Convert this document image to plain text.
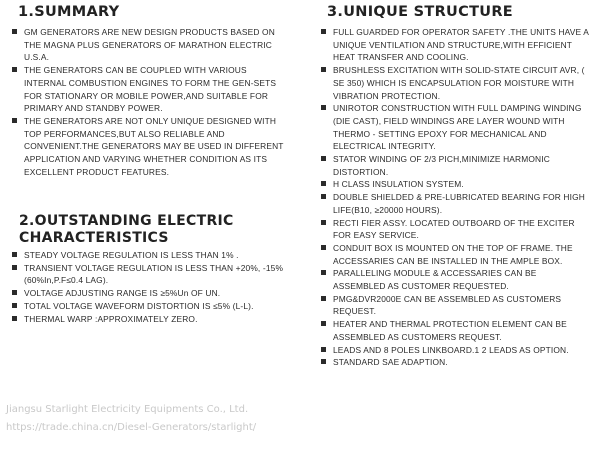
1.SUMMARY
GM GENERATORS ARE NEW DESIGN PRODUCTS BASED ON THE MAGNA PLUS GENERATORS OF MARATHON ELECTRIC U.S.A.
THE GENERATORS CAN BE COUPLED WITH VARIOUS INTERNAL COMBUSTION ENGINES TO FORM THE GEN-SETS FOR STATIONARY OR MOBILE POWER,AND SUITABLE FOR PRIMARY AND STANDBY POWER.
THE GENERATORS ARE NOT ONLY UNIQUE DESIGNED WITH TOP PERFORMANCES,BUT ALSO RELIABLE AND CONVENIENT.THE GENERATORS MAY BE USED IN DIFFERENT APPLICATION AND VARYING WHETHER CONDITION AS ITS EXCELLENT PRODUCT FEATURES.
2.OUTSTANDING ELECTRIC CHARACTERISTICS
STEADY VOLTAGE REGULATION IS LESS THAN 1% .
TRANSIENT VOLTAGE REGULATION IS LESS THAN +20%, -15%(60%In,P.F≤0.4 LAG).
VOLTAGE ADJUSTING RANGE IS ≥5%Un OF UN.
TOTAL VOLTAGE WAVEFORM DISTORTION IS ≤5% (L-L).
THERMAL WARP :APPROXIMATELY ZERO.
3.UNIQUE STRUCTURE
FULL GUARDED FOR OPERATOR SAFETY .THE UNITS HAVE A UNIQUE VENTILATION AND STRUCTURE,WITH EFFICIENT HEAT TRANSFER AND COOLING.
BRUSHLESS EXCITATION WITH SOLID-STATE CIRCUIT AVR, ( SE 350) WHICH IS ENCAPSULATION FOR MOISTURE WITH VIBRATION PROTECTION.
UNIROTOR CONSTRUCTION WITH FULL DAMPING WINDING (DIE CAST), FIELD WINDINGS ARE LAYER WOUND WITH THERMO - SETTING EPOXY FOR MECHANICAL AND ELECTRICAL INTEGRITY.
STATOR WINDING OF 2/3 PICH,MINIMIZE HARMONIC DISTORTION.
H CLASS INSULATION SYSTEM.
DOUBLE SHIELDED & PRE-LUBRICATED BEARING FOR HIGH LIFE(B10, ≥20000 HOURS).
RECTI FIER ASSY. LOCATED OUTBOARD OF THE EXCITER FOR EASY SERVICE.
CONDUIT BOX IS MOUNTED ON THE TOP OF FRAME. THE ACCESSARIES CAN BE INSTALLED IN THE AMPLE BOX.
PARALLELING MODULE & ACCESSARIES CAN BE ASSEMBLED AS CUSTOMER REQUESTED.
PMG&DVR2000E CAN BE ASSEMBLED AS CUSTOMERS REQUEST.
HEATER AND THERMAL PROTECTION ELEMENT CAN BE ASSEMBLED AS CUSTOMERS REQUEST.
LEADS AND 8 POLES LINKBOARD.1 2 LEADS AS OPTION.
STANDARD SAE ADAPTION.
Jiangsu Starlight Electricity Equipments Co., Ltd.
https://trade.china.cn/Diesel-Generators/starlight/
